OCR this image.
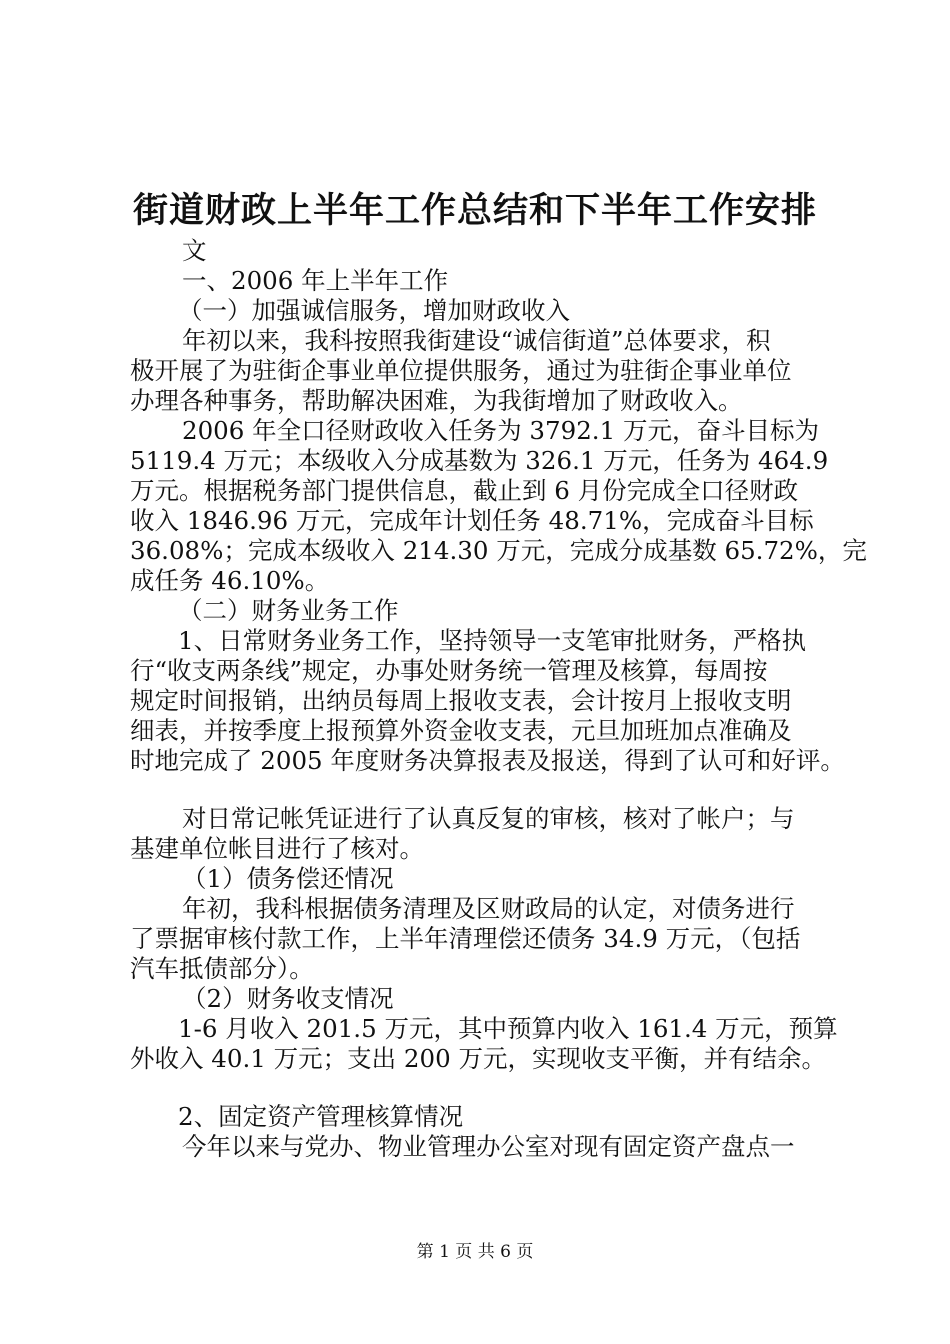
街道财政上半年工作总结和下半年工作安排
文
一、2006 年上半年工作
（一）加强诚信服务，增加财政收入
年初以来，我科按照我街建设“诚信街道”总体要求，积
极开展了为驻街企事业单位提供服务，通过为驻街企事业单位
办理各种事务，帮助解决困难，为我街增加了财政收入。
2006 年全口径财政收入任务为 3792.1 万元，奋斗目标为
5119.4 万元；本级收入分成基数为 326.1 万元，任务为 464.9
万元。根据税务部门提供信息，截止到 6 月份完成全口径财政
收入 1846.96 万元，完成年计划任务 48.71%，完成奋斗目标
36.08%；完成本级收入 214.30 万元，完成分成基数 65.72%，完
成任务 46.10%。
（二）财务业务工作
1、日常财务业务工作，坚持领导一支笔审批财务，严格执
行“收支两条线”规定，办事处财务统一管理及核算，每周按
规定时间报销，出纳员每周上报收支表，会计按月上报收支明
细表，并按季度上报预算外资金收支表，元旦加班加点准确及
时地完成了 2005 年度财务决算报表及报送，得到了认可和好评。
对日常记帐凭证进行了认真反复的审核，核对了帐户；与
基建单位帐目进行了核对。
（1）债务偿还情况
年初，我科根据债务清理及区财政局的认定，对债务进行
了票据审核付款工作，上半年清理偿还债务 34.9 万元，（包括
汽车抵债部分）。
（2）财务收支情况
1-6 月收入 201.5 万元，其中预算内收入 161.4 万元，预算
外收入 40.1 万元；支出 200 万元，实现收支平衡，并有结余。
2、固定资产管理核算情况
今年以来与党办、物业管理办公室对现有固定资产盘点一
第 1 页 共 6 页
